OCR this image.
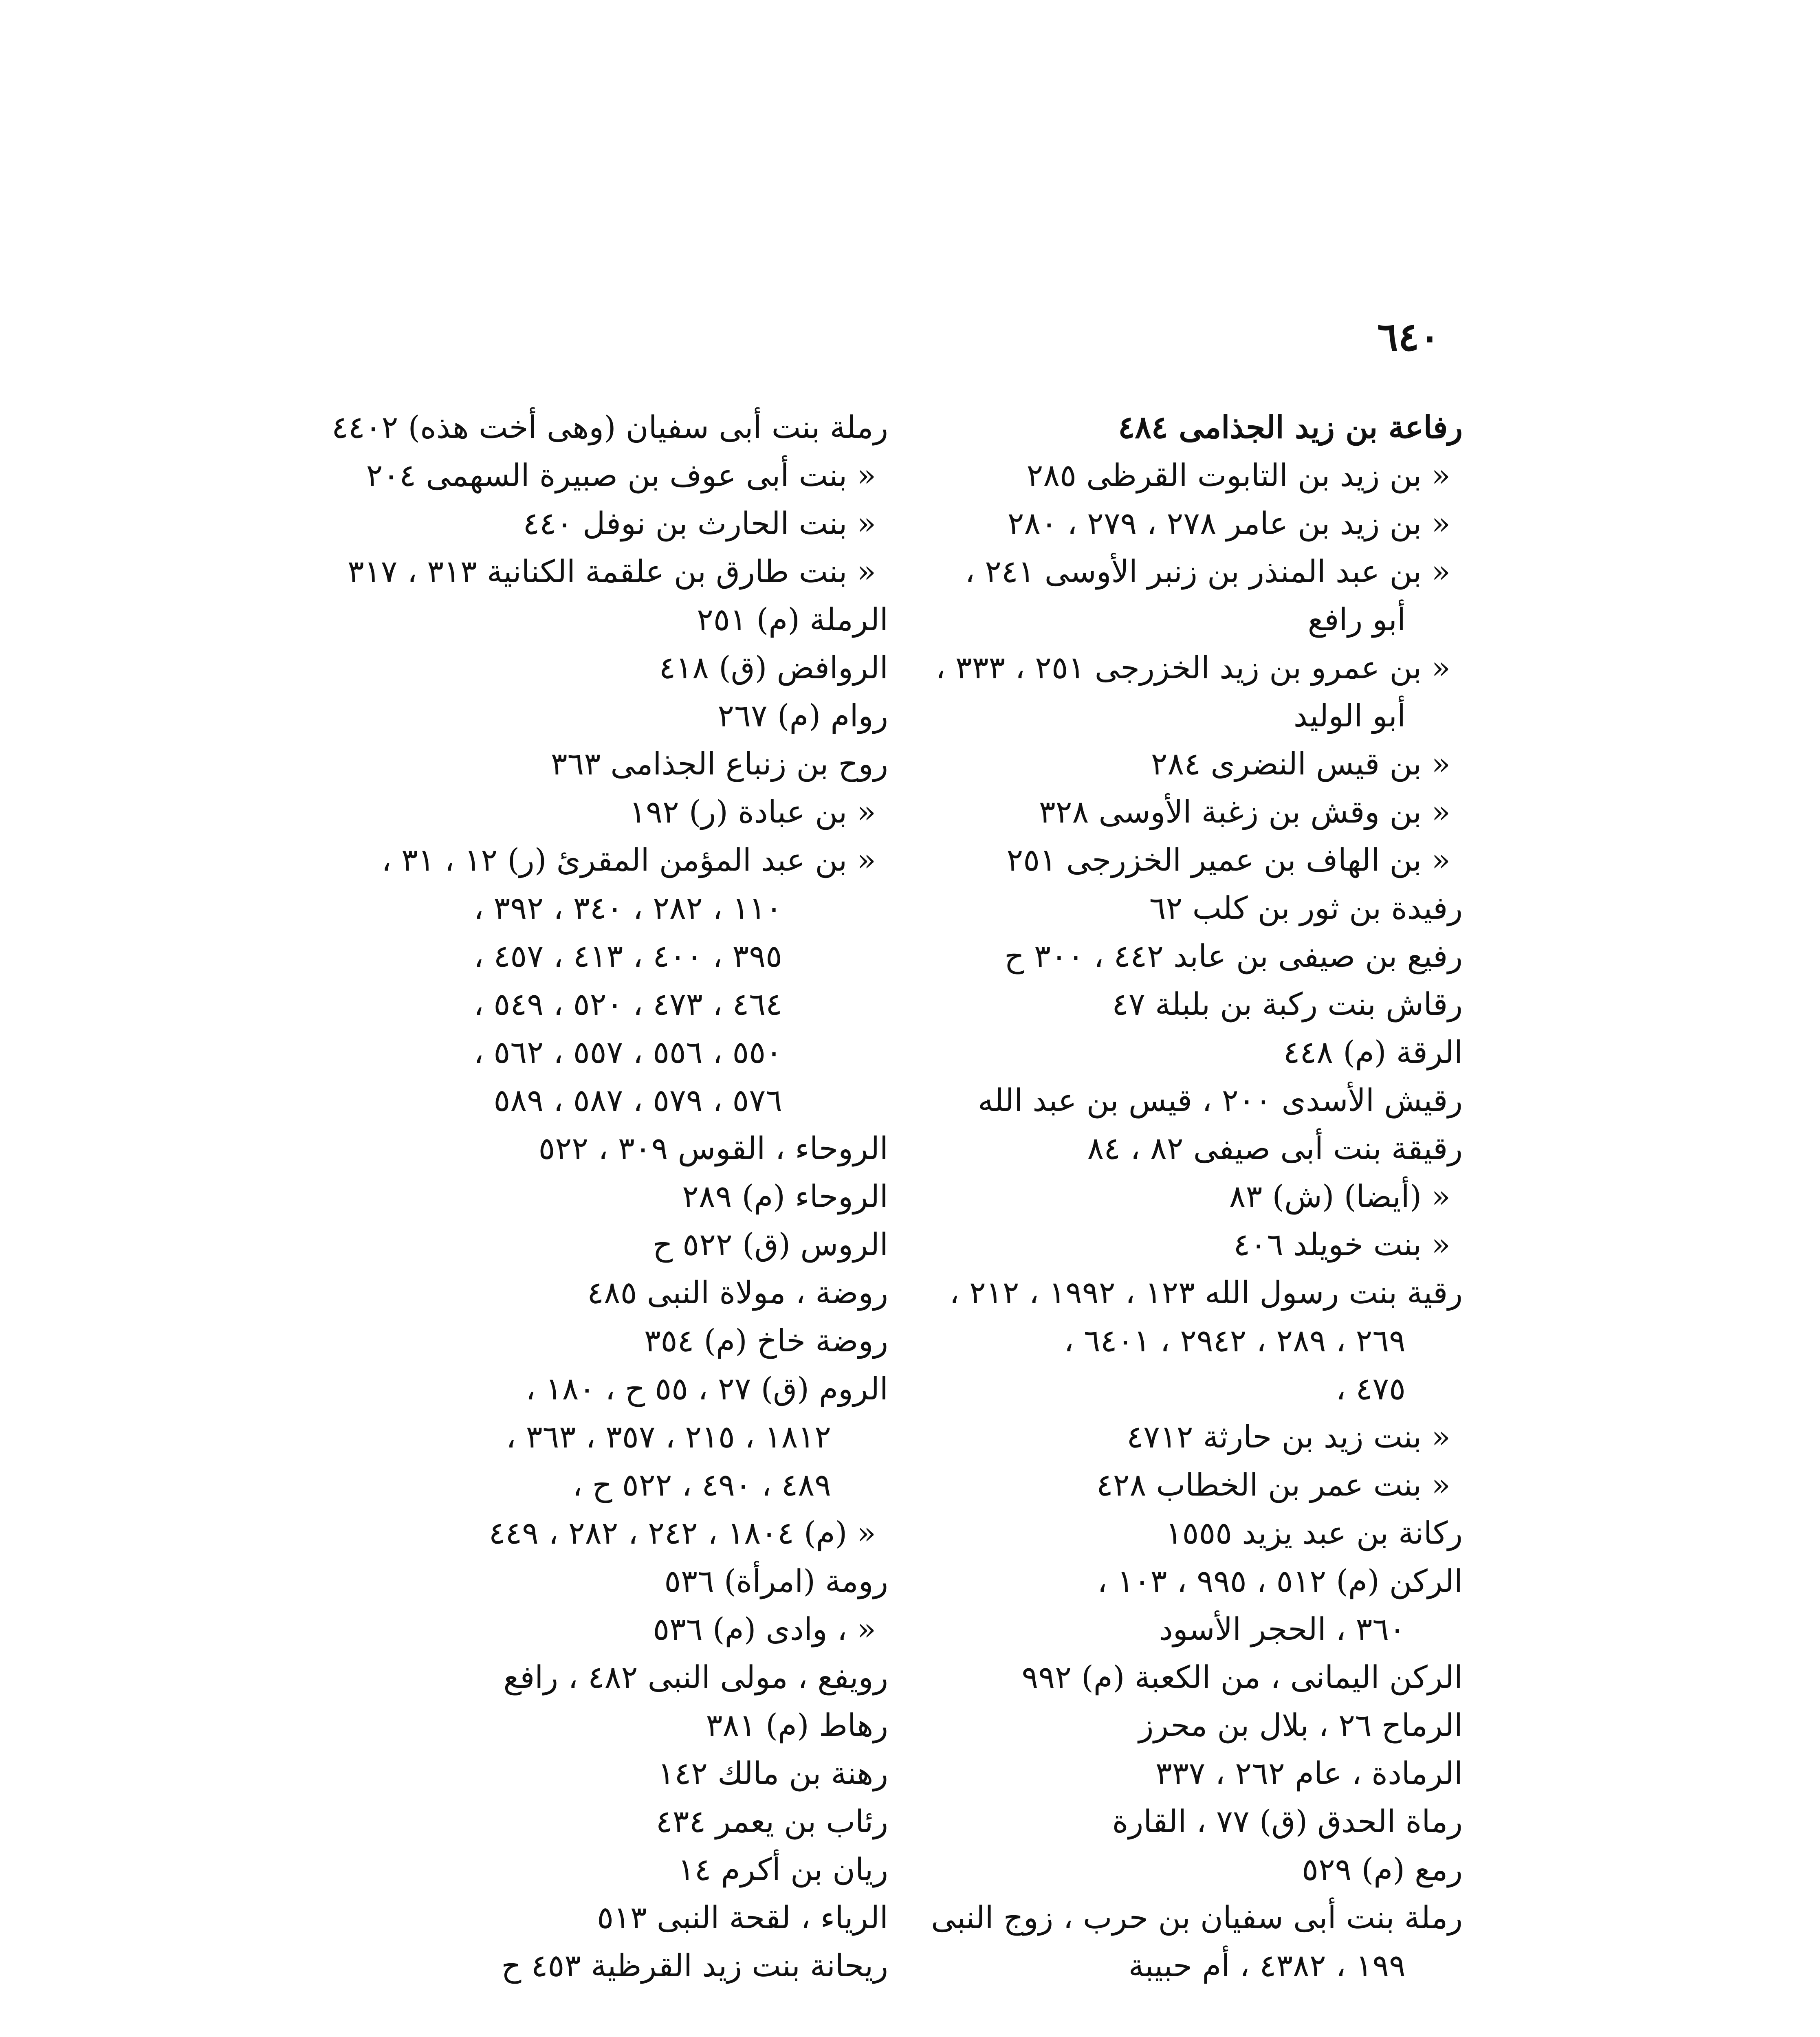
٦٤٠
رفاعة بن زيد الجذامى ٤٨٤
« بن زيد بن التابوت القرظى ٢٨٥
« بن زيد بن عامر ٢٧٨ ، ٢٧٩ ، ٢٨٠
« بن عبد المنذر بن زنبر الأوسى ٢٤١ ،
أبو رافع
« بن عمرو بن زيد الخزرجى ٢٥١ ، ٣٣٣ ،
أبو الوليد
« بن قيس النضرى ٢٨٤
« بن وقش بن زغبة الأوسى ٣٢٨
« بن الهاف بن عمير الخزرجى ٢٥١
رفيدة بن ثور بن كلب ٦٢
رفيع بن صيفى بن عابد ٤٤٢ ، ٣٠٠ ح
رقاش بنت ركبة بن بلبلة ٤٧
الرقة (م) ٤٤٨
رقيش الأسدى ٢٠٠ ، قيس بن عبد الله
رقيقة بنت أبى صيفى ٨٢ ، ٨٤
« (أيضا) (ش) ٨٣
« بنت خويلد ٤٠٦
رقية بنت رسول الله ١٢٣ ، ١٩٩٢ ، ٢١٢ ،
٢٦٩ ، ٢٨٩ ، ٢٩٤٢ ، ٦٤٠١ ،
٤٧٥ ،
« بنت زيد بن حارثة ٤٧١٢
« بنت عمر بن الخطاب ٤٢٨
ركانة بن عبد يزيد ١٥٥٥
الركن (م) ٥١٢ ، ٩٩٥ ، ١٠٣ ،
٣٦٠ ، الحجر الأسود
الركن اليمانى ، من الكعبة (م) ٩٩٢
الرماح ٢٦ ، بلال بن محرز
الرمادة ، عام ٢٦٢ ، ٣٣٧
رماة الحدق (ق) ٧٧ ، القارة
رمع (م) ٥٢٩
رملة بنت أبى سفيان بن حرب ، زوج النبى
١٩٩ ، ٤٣٨٢ ، أم حبيبة
رملة بنت أبى سفيان (وهى أخت هذه) ٤٤٠٢
« بنت أبى عوف بن صبيرة السهمى ٢٠٤
« بنت الحارث بن نوفل ٤٤٠
« بنت طارق بن علقمة الكنانية ٣١٣ ، ٣١٧
الرملة (م) ٢٥١
الروافض (ق) ٤١٨
روام (م) ٢٦٧
روح بن زنباع الجذامى ٣٦٣
« بن عبادة (ر) ١٩٢
« بن عبد المؤمن المقرئ (ر) ١٢ ، ٣١ ،
١١٠ ، ٢٨٢ ، ٣٤٠ ، ٣٩٢ ،
٣٩٥ ، ٤٠٠ ، ٤١٣ ، ٤٥٧ ،
٤٦٤ ، ٤٧٣ ، ٥٢٠ ، ٥٤٩ ،
٥٥٠ ، ٥٥٦ ، ٥٥٧ ، ٥٦٢ ،
٥٧٦ ، ٥٧٩ ، ٥٨٧ ، ٥٨٩
الروحاء ، القوس ٣٠٩ ، ٥٢٢
الروحاء (م) ٢٨٩
الروس (ق) ٥٢٢ ح
روضة ، مولاة النبى ٤٨٥
روضة خاخ (م) ٣٥٤
الروم (ق) ٢٧ ، ٥٥ ح ، ١٨٠ ،
١٨١٢ ، ٢١٥ ، ٣٥٧ ، ٣٦٣ ،
٤٨٩ ، ٤٩٠ ، ٥٢٢ ح ،
« (م) ١٨٠٤ ، ٢٤٢ ، ٢٨٢ ، ٤٤٩
رومة (امرأة) ٥٣٦
« ، وادى (م) ٥٣٦
رويفع ، مولى النبى ٤٨٢ ، رافع
رهاط (م) ٣٨١
رهنة بن مالك ١٤٢
رئاب بن يعمر ٤٣٤
ريان بن أكرم ١٤
الرياء ، لقحة النبى ٥١٣
ريحانة بنت زيد القرظية ٤٥٣ ح
